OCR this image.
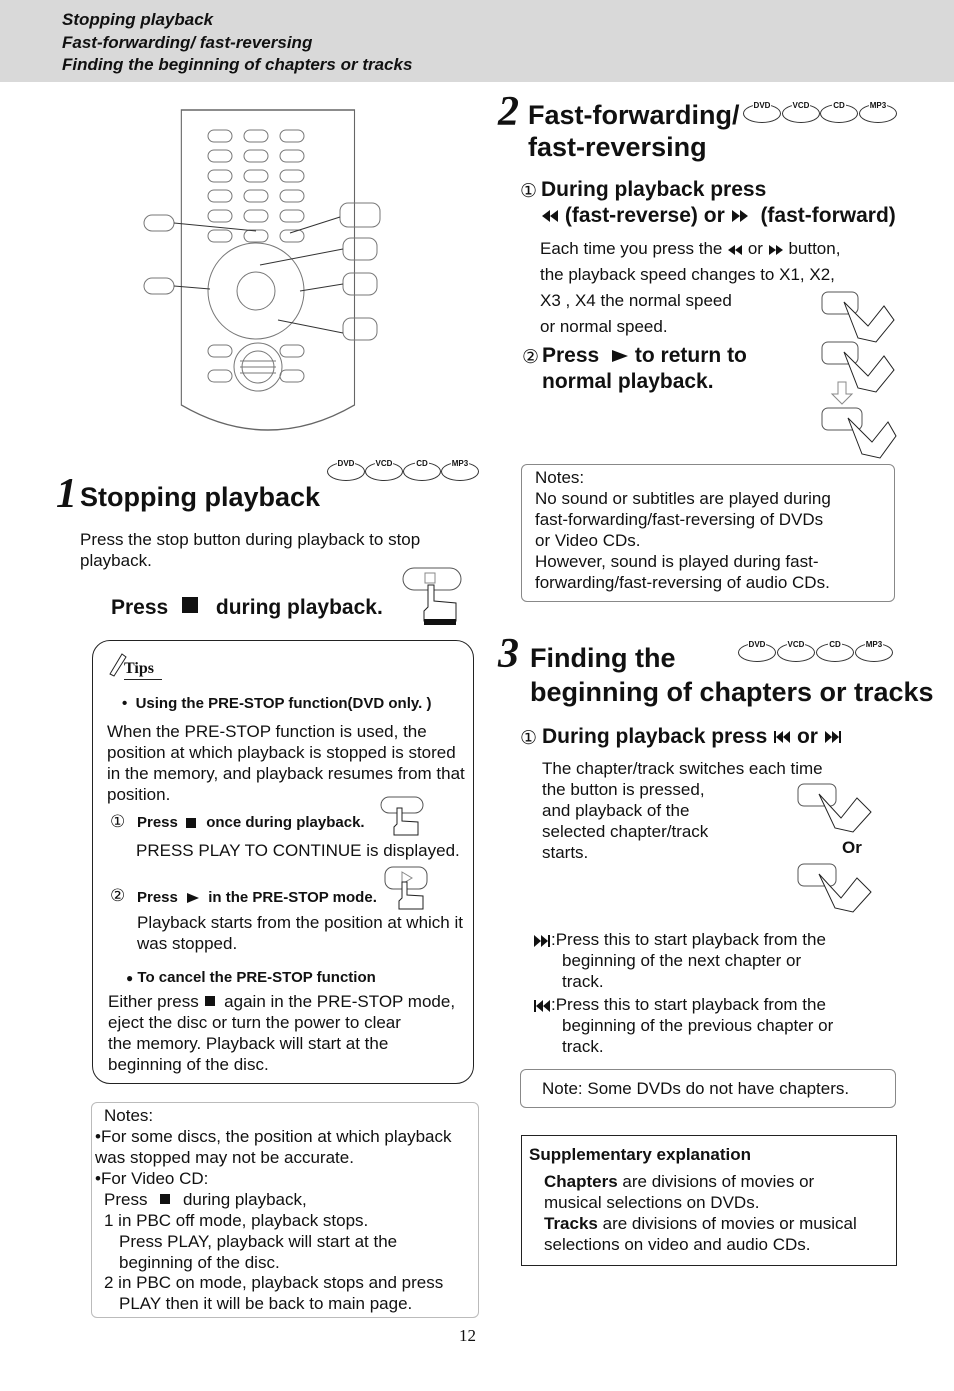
Stopping playback
Fast-forwarding/ fast-reversing
Finding the beginning of chapters or tracks
1 Stopping playback
DVD	VCD	CD	MP3
Press the stop button during playback to stop playback.
Press during playback.
Tips
•  Using the PRE-STOP function(DVD only. )
When the PRE-STOP function is used, the position at which playback is stopped is stored in the memory, and playback resumes from that position.
① Press once during playback.
PRESS PLAY TO CONTINUE is displayed.
② Press in the PRE-STOP mode.
Playback starts from the position at which it was stopped.
● To cancel the PRE-STOP function
Either press again in the PRE-STOP mode,
eject the disc or turn the power to clear the memory. Playback will start at the beginning of the disc.
Notes:
•For some discs, the position at which playback was stopped may not be accurate.
•For Video CD:
Press during playback,
1 in PBC off mode, playback stops.
Press PLAY, playback will start at the beginning of the disc.
2 in PBC on mode, playback stops and press
PLAY then it will be back to main page.
2 Fast-forwarding/
fast-reversing
DVD	VCD	CD	MP3
① During playback press
(fast-reverse) or (fast-forward)
Each time you press the or button,
the playback speed changes to X1, X2,
X3 , X4 the normal speed
or normal speed.
② Press to return to
normal playback.
Notes:
No sound or subtitles are played during
fast-forwarding/fast-reversing of DVDs
or Video CDs.
However, sound is played during fast-
forwarding/fast-reversing of audio CDs.
3 Finding the
beginning of chapters or tracks
DVD	VCD	CD	MP3
① During playback press or
The chapter/track switches each time
the button is pressed,
and playback of the
selected chapter/track
starts.	Or
:Press this to start playback from the
beginning of the next chapter or
track.
:Press this to start playback from the
beginning of the previous chapter or
track.
Note: Some DVDs do not have chapters.
Supplementary explanation
Chapters are divisions of movies or
musical selections on DVDs.
Tracks are divisions of movies or musical
selections on video and audio CDs.
12
